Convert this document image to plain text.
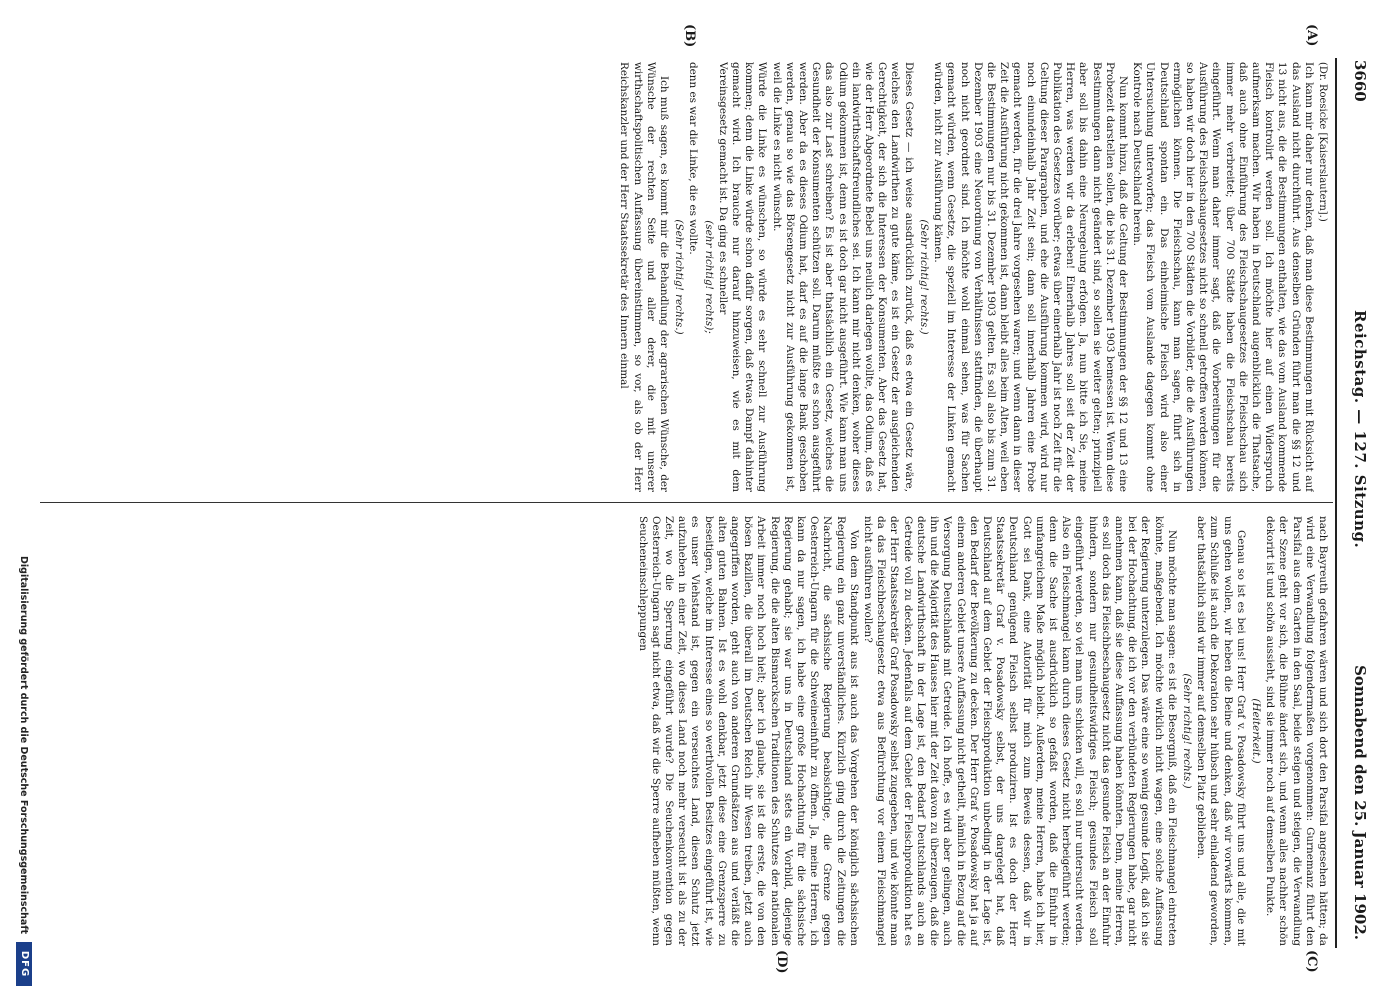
3660
Reichstag. — 127. Sitzung.
Sonnabend den 25. Januar 1902.
(A)
(B)
(C)
(D)

(Dr. Roesicke [Kaiserslautern].)

Ich kann mir daher nur denken, daß man diese Bestimmungen mit Rücksicht auf das Ausland nicht durchführt. Aus denselben Gründen führt man die §§ 12 und 13 nicht aus, die die Bestimmungen enthalten, wie das vom Ausland kommende Fleisch kontrolirt werden soll. Ich möchte hier auf einen Widerspruch aufmerksam machen. Wir haben in Deutschland augenblicklich die Thatsache, daß auch ohne Einführung des Fleischschaugesetzes die Fleischschau sich immer mehr verbreitet; über 700 Städte haben die Fleischschau bereits eingeführt. Wenn man daher immer sagt, daß die Vorbereitungen für die Ausführung des Fleischschaugesetzes nicht so schnell getroffen werden können, so haben wir doch hier in den 700 Städten die Vorbilder, die die Ausführungen ermöglichen können. Die Fleischschau, kann man sagen, führt sich in Deutschland spontan ein. Das einheimische Fleisch wird also einer Untersuchung unterworfen; das Fleisch vom Auslande dagegen kommt ohne Kontrole nach Deutschland herein.

Nun kommt hinzu, daß die Geltung der Bestimmungen der §§ 12 und 13 eine Probezeit darstellen sollen, die bis 31. Dezember 1903 bemessen ist. Wenn diese Bestimmungen dann nicht geändert sind, so sollen sie weiter gelten; prinzipiell aber soll bis dahin eine Neuregelung erfolgen. Ja, nun bitte ich Sie, meine Herren, was werden wir da erleben! Einerhalb Jahres soll seit der Zeit der Publikation des Gesetzes vorüber; etwas über einerhalb Jahr ist noch Zeit für die Geltung dieser Paragraphen, und ehe die Ausführung kommen wird, wird nur noch einundeinhalb Jahr Zeit sein; dann soll innerhalb Jahren eine Probe gemacht werden, für die drei Jahre vorgesehen waren; und wenn dann in dieser Zeit die Ausführung nicht gekommen ist, dann bleibt alles beim Alten, weil eben die Bestimmungen nur bis 31. Dezember 1903 gelten. Es soll also bis zum 31. Dezember 1903 eine Neuordnung von Verhältnissen stattfinden, die überhaupt noch nicht geordnet sind. Ich möchte wohl einmal sehen, was für Sachen gemacht würden, wenn Gesetze, die speziell im Interesse der Linken gemacht würden, nicht zur Ausführung kämen.

(Sehr richtig! rechts.)

Dieses Gesetz — ich weise ausdrücklich zurück, daß es etwa ein Gesetz wäre, welches den Landwirthen zu gute käme, es ist ein Gesetz der ausgleichenden Gerechtigkeit, der sich die Interessen der Konsumenten. Aber das Gesetz hat, wie der Herr Abgeordnete Bebel uns neulich darlegen wollte, das Odium, daß es ein landwirthschaftsfreundliches sei. Ich kann mir nicht denken, woher dieses Odium gekommen ist, denn es ist doch gar nicht ausgeführt. Wie kann man uns das also zur Last schreiben? Es ist aber thatsächlich ein Gesetz, welches die Gesundheit der Konsumenten schützen soll. Darum müßte es schon ausgeführt werden. Aber da es dieses Odium hat, darf es auf die lange Bank geschoben werden, genau so wie das Börsengesetz nicht zur Ausführung gekommen ist, weil die Linke es nicht wünscht.

Würde die Linke es wünschen, so würde es sehr schnell zur Ausführung kommen; denn die Linke würde schon dafür sorgen, daß etwas Dampf dahinter gemacht wird. Ich brauche nur darauf hinzuweisen, wie es mit dem Vereinsgesetz gemacht ist. Da ging es schneller

(sehr richtig! rechts);

denn es war die Linke, die es wollte.

(Sehr richtig! rechts.)

Ich muß sagen, es kommt mir die Behandlung der agrarischen Wünsche, der Wünsche der rechten Seite und aller derer, die mit unserer wirthschaftspolitischen Auffassung übereinstimmen, so vor, als ob der Herr Reichskanzler und der Herr Staatssekretär des Innern einmal

nach Bayreuth gefahren wären und sich dort den Parsifal angesehen hätten; da wird eine Verwandlung folgendermaßen vorgenommen: Gurnemanz führt den Parsifal aus dem Garten in den Saal, beide steigen und steigen, die Verwandlung der Szene geht vor sich, die Bühne ändert sich, und wenn alles nachher schön dekorirt ist und schön aussieht, sind sie immer noch auf demselben Punkte.

(Heiterkeit.)

Genau so ist es bei uns! Herr Graf v. Posadowsky führt uns und alle, die mit uns gehen wollen, wir heben die Beine und denken, daß wir vorwärts kommen, zum Schluße ist auch die Dekoration sehr hübsch und sehr einladend geworden, aber thatsächlich sind wir immer auf demselben Platz geblieben.

(Sehr richtig! rechts.)

Nun möchte man sagen: es ist die Besorgniß, daß ein Fleischmangel eintreten könnte, maßgebend. Ich möchte wirklich nicht wagen, eine solche Auffassung der Regierung unterzulegen. Das wäre eine so wenig gesunde Logik, daß ich sie bei der Hochachtung, die ich vor den verbündeten Regierungen habe, gar nicht annehmen kann, daß sie diese Auffassung haben könnten. Denn, meine Herren, es soll doch das Fleischbeschaugesetz nicht das gesunde Fleisch an der Einfuhr hindern, sondern nur gesundheitswidriges Fleisch; gesundes Fleisch soll eingeführt werden, so viel man uns schicken will, es soll nur untersucht werden. Also ein Fleischmangel kann durch dieses Gesetz nicht herbeigeführt werden; denn die Sache ist ausdrücklich so gefaßt worden, daß die Einfuhr in umfangreichem Maße möglich bleibt. Außerdem, meine Herren, habe ich hier, Gott sei Dank, eine Autorität für mich zum Beweis dessen, daß wir in Deutschland genügend Fleisch selbst produziren. Ist es doch der Herr Staatssekretär Graf v. Posadowsky selbst, der uns dargelegt hat, daß Deutschland auf dem Gebiet der Fleischproduktion unbedingt in der Lage ist, den Bedarf der Bevölkerung zu decken. Der Herr Graf v. Posadowsky hat ja auf einem anderen Gebiet unsere Auffassung nicht getheilt, nämlich in Bezug auf die Versorgung Deutschlands mit Getreide. Ich hoffe, es wird aber gelingen, auch ihn und die Majorität des Hauses hier mit der Zeit davon zu überzeugen, daß die deutsche Landwirthschaft in der Lage ist, den Bedarf Deutschlands auch an Getreide voll zu decken. Jedenfalls auf dem Gebiet der Fleischproduktion hat es der Herr Staatssekretär Graf Posadowsky selbst zugegeben, und wie könnte man da das Fleischbeschaugesetz etwa aus Befürchtung vor einem Fleischmangel nicht ausführen wollen?

Von dem Standpunkt aus ist auch das Vorgehen der königlich sächsischen Regierung ein ganz unverständliches. Kürzlich ging durch die Zeitungen die Nachricht, die sächsische Regierung beabsichtige, die Grenze gegen Oesterreich-Ungarn für die Schweineeinfuhr zu öffnen. Ja, meine Herren, ich kann da nur sagen, ich habe eine große Hochachtung für die sächsische Regierung gehabt; sie war uns in Deutschland stets ein Vorbild, diejenige Regierung, die die alten Bismarckschen Traditionen des Schutzes der nationalen Arbeit immer noch hoch hielt; aber ich glaube, sie ist die erste, die von den bösen Bazillen, die überall im Deutschen Reich ihr Wesen treiben, jetzt auch angegriffen worden, geht auch von anderen Grundsätzen aus und verläßt die alten guten Bahnen. Ist es wohl denkbar, jetzt diese eine Grenzsperre zu beseitigen, welche im Interesse eines so werthvollen Besitzes eingeführt ist, wie es unser Viehstand ist, gegen ein verseuchtes Land, diesen Schutz jetzt aufzuheben in einer Zeit, wo dieses Land noch mehr verseucht ist als zu der Zeit, wo die Sperrung eingeführt wurde? Die Seuchenkonvention gegen Oesterreich-Ungarn sagt nicht etwa, daß wir die Sperre aufheben müßten, wenn Seucheneinschleppungen

Digitalisierung gefördert durch die Deutsche Forschungsgemeinschaft
DFG
